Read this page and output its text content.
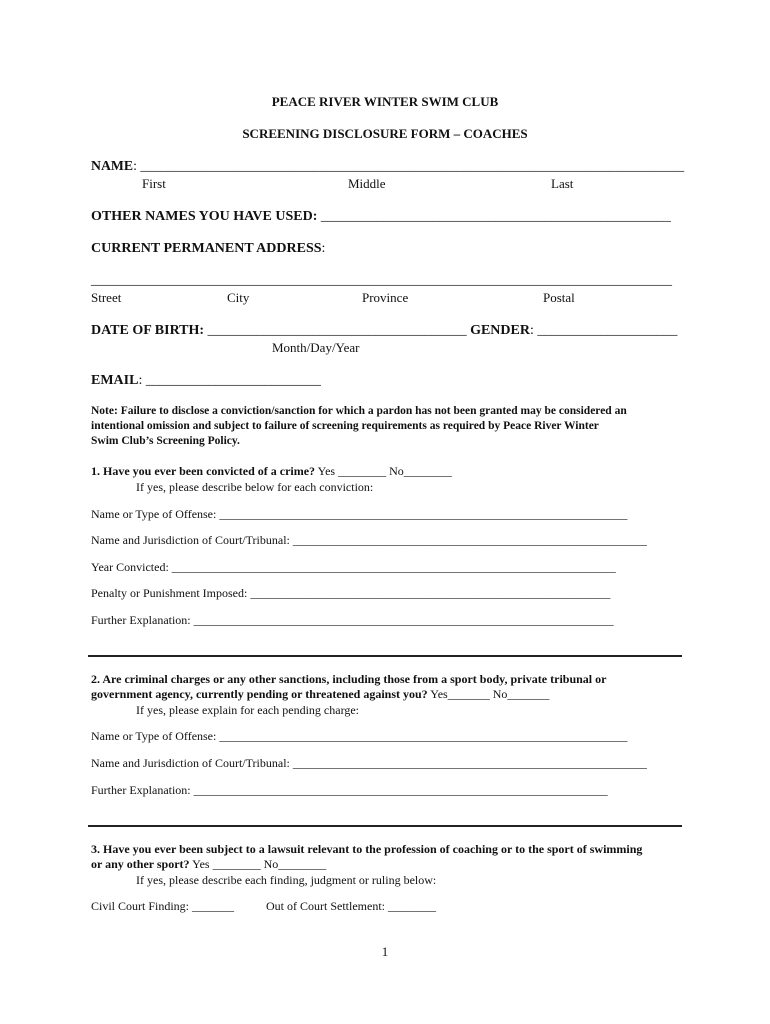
PEACE RIVER WINTER SWIM CLUB
SCREENING DISCLOSURE FORM – COACHES
NAME: _______________________________________________________________________________
First	Middle	Last
OTHER NAMES YOU HAVE USED: __________________________________________________
CURRENT PERMANENT ADDRESS:
___________________________________________________________________________________
Street	City	Province	Postal
DATE OF BIRTH: _____________________________________ GENDER: ____________________
Month/Day/Year
EMAIL: _________________________
Note: Failure to disclose a conviction/sanction for which a pardon has not been granted may be considered an
intentional omission and subject to failure of screening requirements as required by Peace River Winter
Swim Club’s Screening Policy.
1. Have you ever been convicted of a crime? Yes ________ No________
If yes, please describe below for each conviction:
Name or Type of Offense: ____________________________________________________________________
Name and Jurisdiction of Court/Tribunal: ___________________________________________________________
Year Convicted: __________________________________________________________________________
Penalty or Punishment Imposed: ____________________________________________________________
Further Explanation: ______________________________________________________________________
2. Are criminal charges or any other sanctions, including those from a sport body, private tribunal or
government agency, currently pending or threatened against you? Yes_______ No_______
If yes, please explain for each pending charge:
Name or Type of Offense: ____________________________________________________________________
Name and Jurisdiction of Court/Tribunal: ___________________________________________________________
Further Explanation: _____________________________________________________________________
3. Have you ever been subject to a lawsuit relevant to the profession of coaching or to the sport of swimming
or any other sport? Yes ________ No________
If yes, please describe each finding, judgment or ruling below:
Civil Court Finding: _______	Out of Court Settlement: ________
1
